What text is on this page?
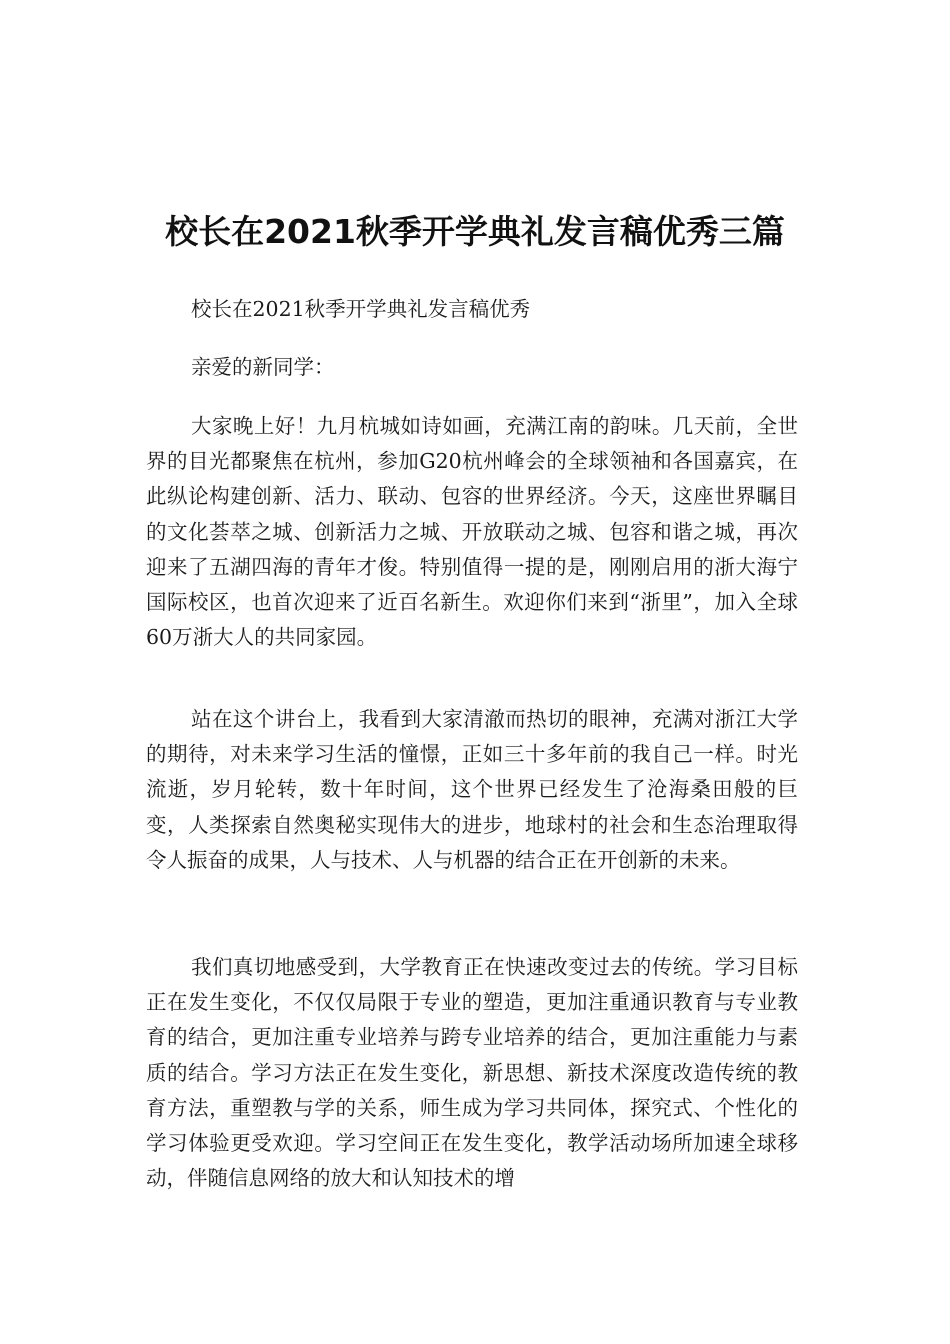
校长在2021秋季开学典礼发言稿优秀三篇

校长在2021秋季开学典礼发言稿优秀

亲爱的新同学：

大家晚上好！九月杭城如诗如画，充满江南的韵味。几天前，全世界的目光都聚焦在杭州，参加G20杭州峰会的全球领袖和各国嘉宾，在此纵论构建创新、活力、联动、包容的世界经济。今天，这座世界瞩目的文化荟萃之城、创新活力之城、开放联动之城、包容和谐之城，再次迎来了五湖四海的青年才俊。特别值得一提的是，刚刚启用的浙大海宁国际校区，也首次迎来了近百名新生。欢迎你们来到“浙里”，加入全球60万浙大人的共同家园。

站在这个讲台上，我看到大家清澈而热切的眼神，充满对浙江大学的期待，对未来学习生活的憧憬，正如三十多年前的我自己一样。时光流逝，岁月轮转，数十年时间，这个世界已经发生了沧海桑田般的巨变，人类探索自然奥秘实现伟大的进步，地球村的社会和生态治理取得令人振奋的成果，人与技术、人与机器的结合正在开创新的未来。

我们真切地感受到，大学教育正在快速改变过去的传统。学习目标正在发生变化，不仅仅局限于专业的塑造，更加注重通识教育与专业教育的结合，更加注重专业培养与跨专业培养的结合，更加注重能力与素质的结合。学习方法正在发生变化，新思想、新技术深度改造传统的教育方法，重塑教与学的关系，师生成为学习共同体，探究式、个性化的学习体验更受欢迎。学习空间正在发生变化，教学活动场所加速全球移动，伴随信息网络的放大和认知技术的增
